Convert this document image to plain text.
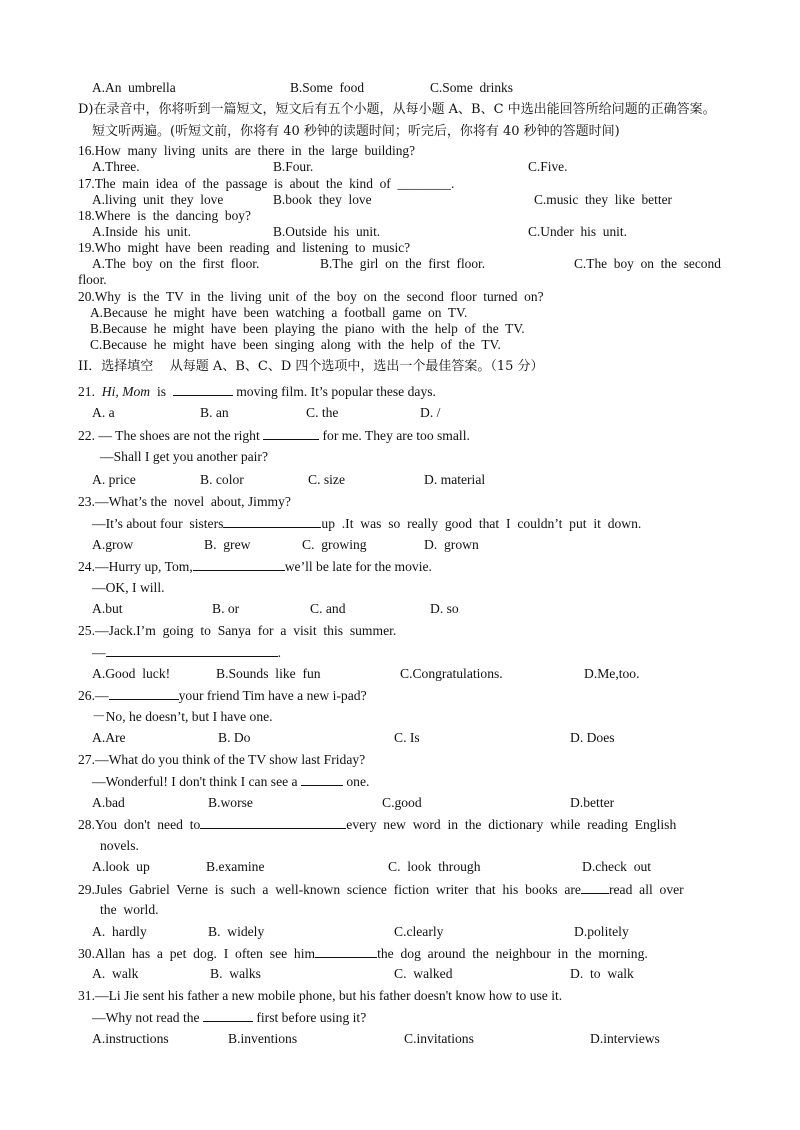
A.An  umbrella	B.Some  food	C.Some  drinks
D)在录音中，你将听到一篇短文，短文后有五个小题，从每小题 A、B、C 中选出能回答所给问题的正确答案。
短文听两遍。(听短文前，你将有 40 秒钟的读题时间；听完后，你将有 40 秒钟的答题时间)
16.How  many  living  units  are  there  in  the  large  building?
A.Three.	B.Four.	C.Five.
17.The  main  idea  of  the  passage  is  about  the  kind  of  ________.
A.living  unit  they  love	B.book  they  love	C.music  they  like  better
18.Where  is  the  dancing  boy?
A.Inside  his  unit.	B.Outside  his  unit.	C.Under  his  unit.
19.Who  might  have  been  reading  and  listening  to  music?
A.The  boy  on  the  first  floor.	B.The  girl  on  the  first  floor.	C.The  boy  on  the  second
floor.
20.Why  is  the  TV  in  the  living  unit  of  the  boy  on  the  second  floor  turned  on?
A.Because  he  might  have  been  watching  a  football  game  on  TV.
B.Because  he  might  have  been  playing  the  piano  with  the  help  of  the  TV.
C.Because  he  might  have  been  singing  along  with  the  help  of  the  TV.
II．选择填空    从每题 A、B、C、D 四个选项中，选出一个最佳答案。（15 分）
21.  Hi, Mom  is	moving film. It’s popular these days.
A. a	B. an	C. the	D. /
22. — The shoes are not the right	for me. They are too small.
—Shall I get you another pair?
A. price	B. color	C. size	D. material
23.—What’s the  novel  about, Jimmy?
—It’s about four  sisters	up  .It  was  so  really  good  that  I  couldn’t  put  it  down.
A.grow	B.  grew	C.  growing	D.  grown
24.—Hurry up, Tom,	we’ll be late for the movie.
—OK, I will.
A.but	B. or	C. and	D. so
25.—Jack.I’m  going  to  Sanya  for  a  visit  this  summer.
—	.
A.Good  luck!	B.Sounds  like  fun	C.Congratulations.	D.Me,too.
26.—	your friend Tim have a new i-pad?
－No, he doesn’t, but I have one.
A.Are	B. Do	C. Is	D. Does
27.—What do you think of the TV show last Friday?
—Wonderful! I don't think I can see a	one.
A.bad	B.worse	C.good	D.better
28.You  don't  need  to	every  new  word  in  the  dictionary  while  reading  English
novels.
A.look  up	B.examine	C.  look  through	D.check  out
29.Jules  Gabriel  Verne  is  such  a  well-known  science  fiction  writer  that  his  books  are read  all  over
the  world.
A.  hardly	B.  widely	C.clearly	D.politely
30.Allan  has  a  pet  dog.  I  often  see  him	the  dog  around  the  neighbour  in  the  morning.
A.  walk	B.  walks	C.  walked	D.  to  walk
31.—Li Jie sent his father a new mobile phone, but his father doesn't know how to use it.
—Why not read the	first before using it?
A.instructions	B.inventions	C.invitations	D.interviews
